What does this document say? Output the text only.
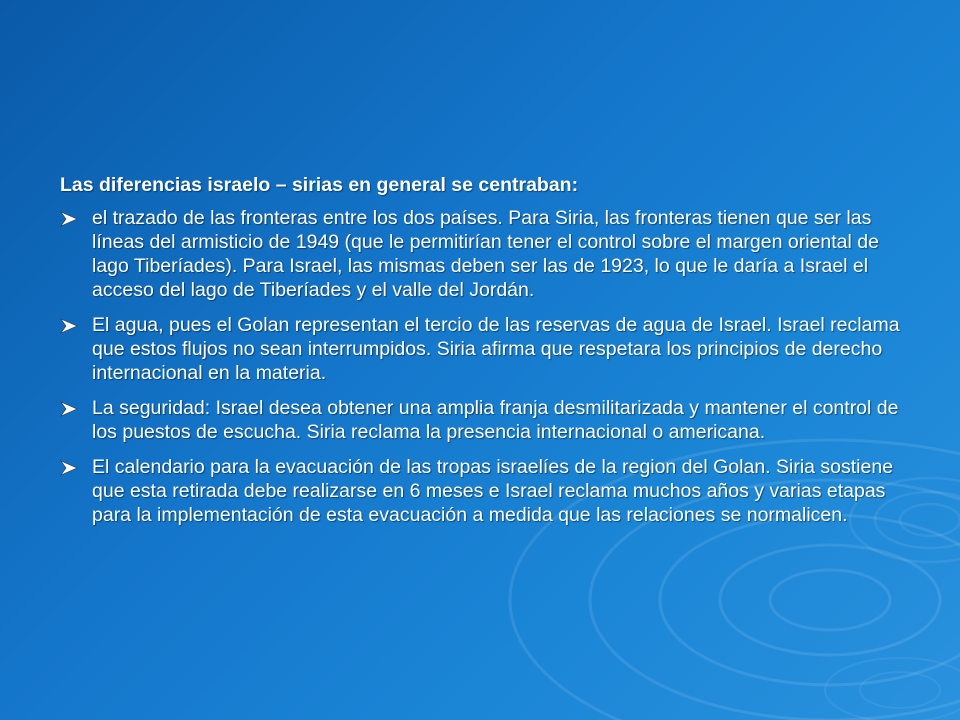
Las diferencias israelo – sirias en general se centraban:
el trazado de las fronteras entre los dos países. Para Siria, las fronteras tienen que ser las líneas del armisticio de 1949 (que le permitirían tener el control sobre el margen oriental de lago Tiberíades). Para Israel, las mismas deben ser las de 1923, lo que le daría a Israel el acceso del lago de Tiberíades y el valle del Jordán.
El agua, pues el Golan representan el tercio de las reservas de agua de Israel. Israel reclama que estos flujos no sean interrumpidos. Siria afirma que respetara los principios de derecho internacional en la materia.
La seguridad: Israel desea obtener una amplia franja desmilitarizada y mantener el control de los puestos de escucha. Siria reclama la presencia internacional o americana.
El calendario para la evacuación de las tropas israelíes de la region del Golan. Siria sostiene que esta retirada debe realizarse en 6 meses e Israel reclama muchos años y varias etapas para la implementación de esta evacuación a medida que las relaciones se normalicen.
